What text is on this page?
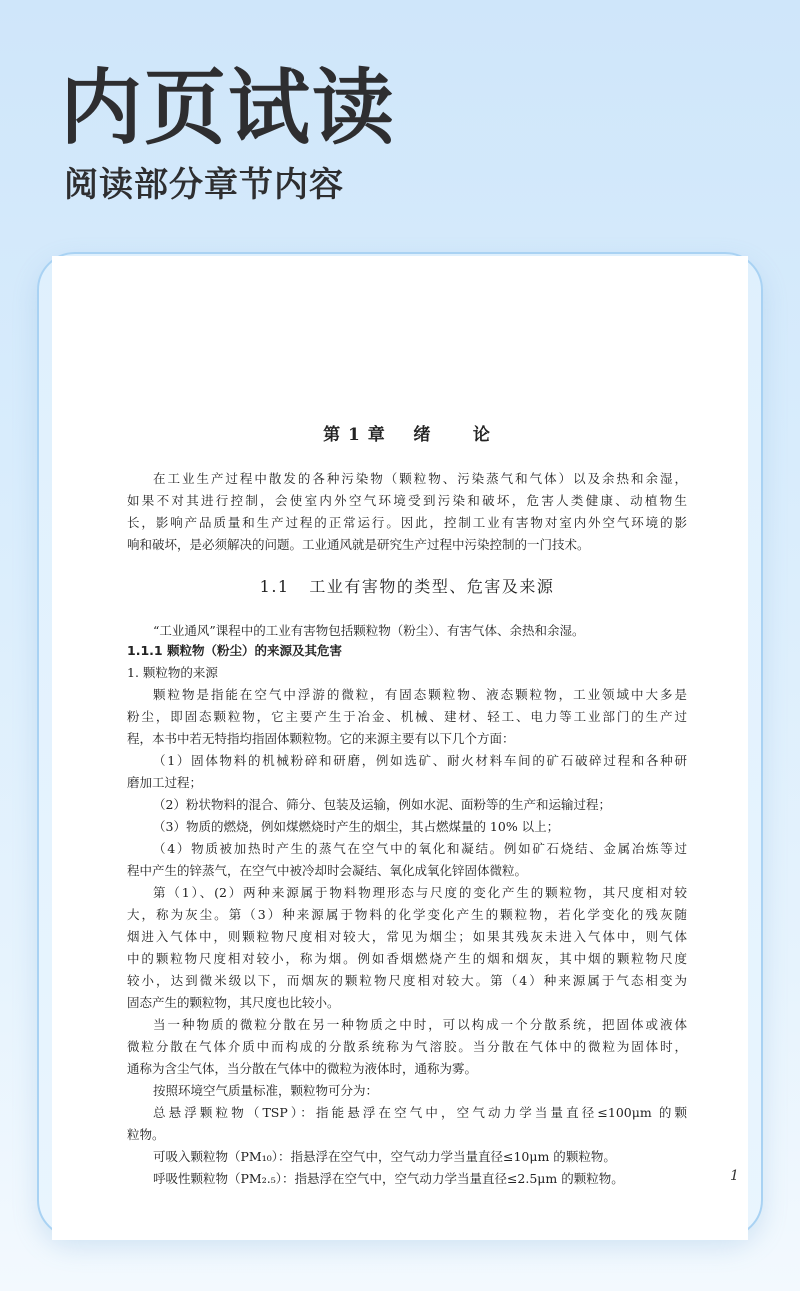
内页试读
阅读部分章节内容
第 1 章    绪      论
在工业生产过程中散发的各种污染物（颗粒物、污染蒸气和气体）以及余热和余湿，
如果不对其进行控制，会使室内外空气环境受到污染和破坏，危害人类健康、动植物生
长，影响产品质量和生产过程的正常运行。因此，控制工业有害物对室内外空气环境的影
响和破坏，是必须解决的问题。工业通风就是研究生产过程中污染控制的一门技术。
1.1   工业有害物的类型、危害及来源
“工业通风”课程中的工业有害物包括颗粒物（粉尘）、有害气体、余热和余湿。
1.1.1 颗粒物（粉尘）的来源及其危害
1. 颗粒物的来源
颗粒物是指能在空气中浮游的微粒，有固态颗粒物、液态颗粒物，工业领域中大多是
粉尘，即固态颗粒物，它主要产生于冶金、机械、建材、轻工、电力等工业部门的生产过
程，本书中若无特指均指固体颗粒物。它的来源主要有以下几个方面：
（1）固体物料的机械粉碎和研磨，例如选矿、耐火材料车间的矿石破碎过程和各种研
磨加工过程；
（2）粉状物料的混合、筛分、包装及运输，例如水泥、面粉等的生产和运输过程；
（3）物质的燃烧，例如煤燃烧时产生的烟尘，其占燃煤量的 10% 以上；
（4）物质被加热时产生的蒸气在空气中的氧化和凝结。例如矿石烧结、金属冶炼等过
程中产生的锌蒸气，在空气中被冷却时会凝结、氧化成氧化锌固体微粒。
第（1）、(2）两种来源属于物料物理形态与尺度的变化产生的颗粒物，其尺度相对较
大，称为灰尘。第（3）种来源属于物料的化学变化产生的颗粒物，若化学变化的残灰随
烟进入气体中，则颗粒物尺度相对较大，常见为烟尘；如果其残灰未进入气体中，则气体
中的颗粒物尺度相对较小，称为烟。例如香烟燃烧产生的烟和烟灰，其中烟的颗粒物尺度
较小，达到微米级以下，而烟灰的颗粒物尺度相对较大。第（4）种来源属于气态相变为
固态产生的颗粒物，其尺度也比较小。
当一种物质的微粒分散在另一种物质之中时，可以构成一个分散系统，把固体或液体
微粒分散在气体介质中而构成的分散系统称为气溶胶。当分散在气体中的微粒为固体时，
通称为含尘气体，当分散在气体中的微粒为液体时，通称为雾。
按照环境空气质量标准，颗粒物可分为：
总悬浮颗粒物（TSP）：指能悬浮在空气中，空气动力学当量直径≤100μm 的颗
粒物。
可吸入颗粒物（PM₁₀）：指悬浮在空气中，空气动力学当量直径≤10μm 的颗粒物。
呼吸性颗粒物（PM₂.₅）：指悬浮在空气中，空气动力学当量直径≤2.5μm 的颗粒物。	1
